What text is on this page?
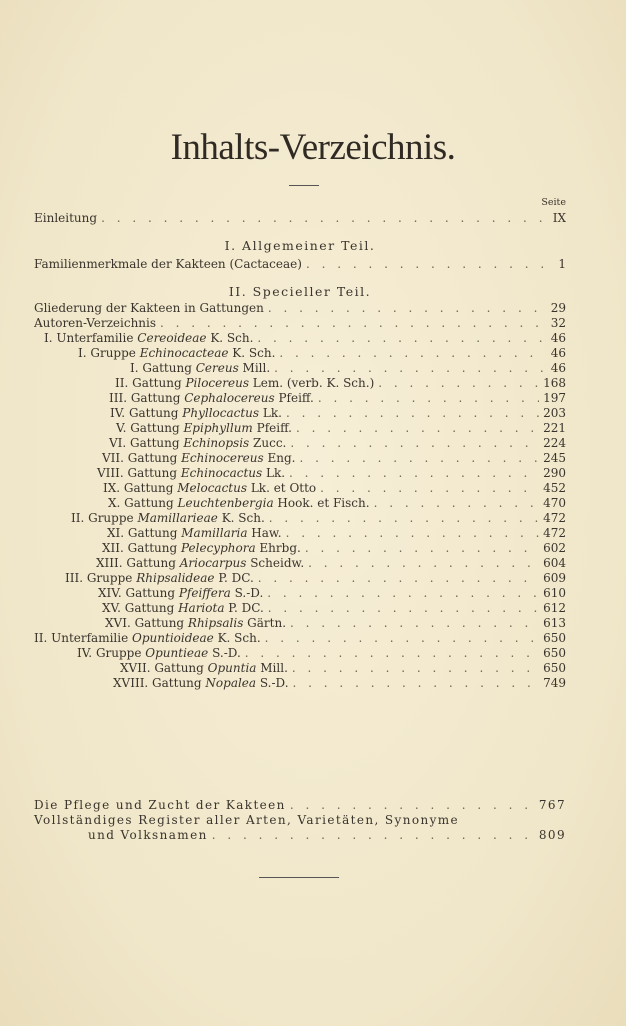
Inhalts-Verzeichnis.
Seite
Einleitung . . .	IX
I. Allgemeiner Teil.
Familienmerkmale der Kakteen (Cactaceae) . . .	1
II. Specieller Teil.
Gliederung der Kakteen in Gattungen . . .	29
Autoren-Verzeichnis . . .	32
I. Unterfamilie Cereoideae K. Sch. . . .	46
I. Gruppe Echinocacteae K. Sch. . . .	46
I. Gattung Cereus Mill. . . .	46
II. Gattung Pilocereus Lem. (verb. K. Sch.) . . .	168
III. Gattung Cephalocereus Pfeiff. . . .	197
IV. Gattung Phyllocactus Lk. . . .	203
V. Gattung Epiphyllum Pfeiff. . . .	221
VI. Gattung Echinopsis Zucc. . . .	224
VII. Gattung Echinocereus Eng. . . .	245
VIII. Gattung Echinocactus Lk. . . .	290
IX. Gattung Melocactus Lk. et Otto . . .	452
X. Gattung Leuchtenbergia Hook. et Fisch. . . .	470
II. Gruppe Mamillarieae K. Sch. . . .	472
XI. Gattung Mamillaria Haw. . . .	472
XII. Gattung Pelecyphora Ehrbg. . . .	602
XIII. Gattung Ariocarpus Scheidw. . . .	604
III. Gruppe Rhipsalideae P. DC. . . .	609
XIV. Gattung Pfeiffera S.-D. . . .	610
XV. Gattung Hariota P. DC. . . .	612
XVI. Gattung Rhipsalis Gärtn. . . .	613
II. Unterfamilie Opuntioideae K. Sch. . . .	650
IV. Gruppe Opuntieae S.-D. . . .	650
XVII. Gattung Opuntia Mill. . . .	650
XVIII. Gattung Nopalea S.-D. . . .	749
Die Pflege und Zucht der Kakteen . . .	767
Vollständiges Register aller Arten, Varietäten, Synonyme
und Volksnamen . . .	809
